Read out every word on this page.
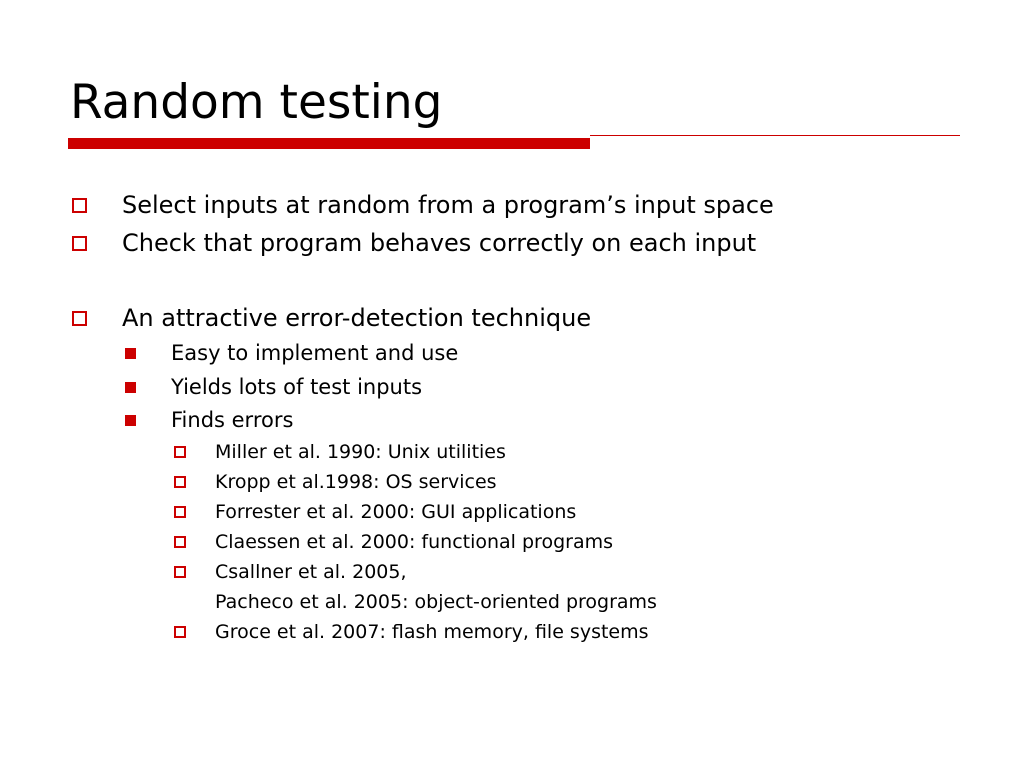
Random testing
Select inputs at random from a program’s input space
Check that program behaves correctly on each input
An attractive error-detection technique
Easy to implement and use
Yields lots of test inputs
Finds errors
Miller et al. 1990: Unix utilities
Kropp et al.1998: OS services
Forrester et al. 2000: GUI applications
Claessen et al. 2000: functional programs
Csallner et al. 2005,
Pacheco et al. 2005: object-oriented programs
Groce et al. 2007: flash memory, file systems
